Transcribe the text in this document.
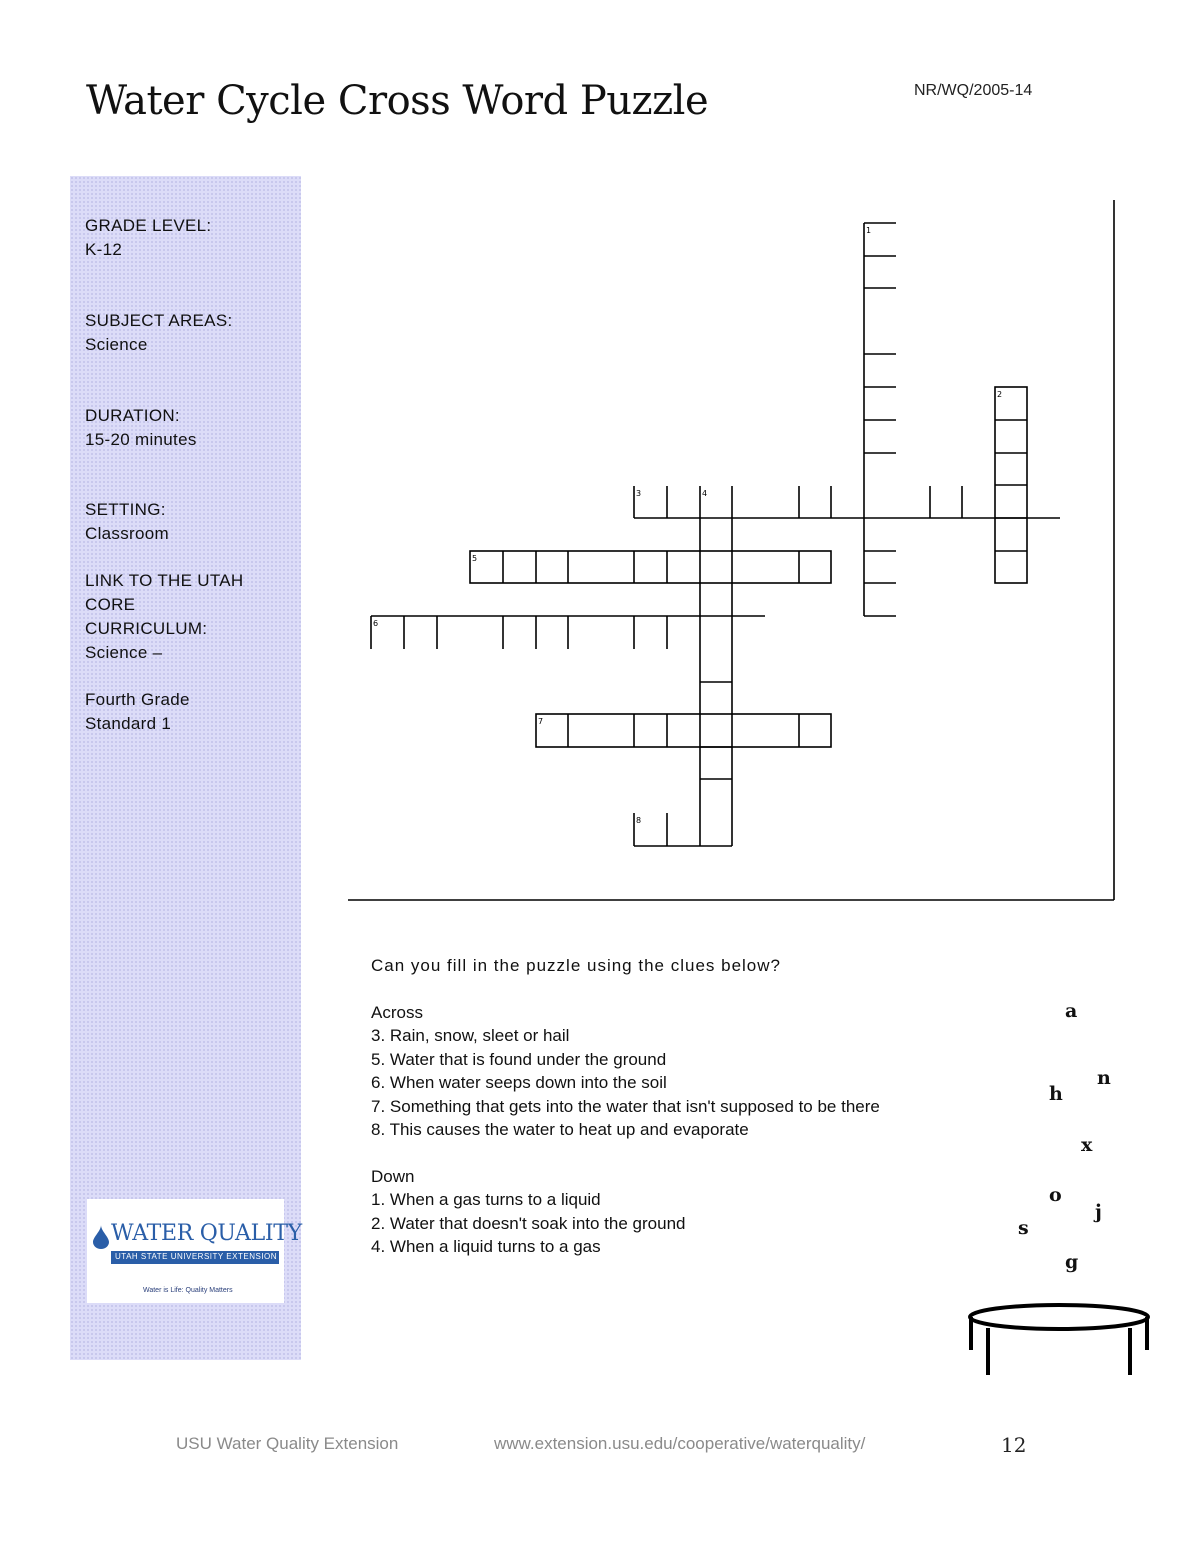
Water Cycle Cross Word Puzzle	NR/WQ/2005-14
GRADE LEVEL:
K-12
SUBJECT AREAS:
Science
DURATION:
15-20 minutes
SETTING:
Classroom
LINK TO THE UTAH
CORE
CURRICULUM:
Science –
Fourth Grade
Standard 1
WATER QUALITY
UTAH STATE UNIVERSITY EXTENSION
Water is Life: Quality Matters
1
2
3	4
5
6
7
8
Can you fill in the puzzle using the clues below?
Across
3. Rain, snow, sleet or hail
5. Water that is found under the ground
6. When water seeps down into the soil
7. Something that gets into the water that isn't supposed to be there
8. This causes the water to heat up and evaporate
Down
1. When a gas turns to a liquid
2. Water that doesn't soak into the ground
4. When a liquid turns to a gas
a
n
h
x
o
j
s
g
USU Water Quality Extension	www.extension.usu.edu/cooperative/waterquality/	12
